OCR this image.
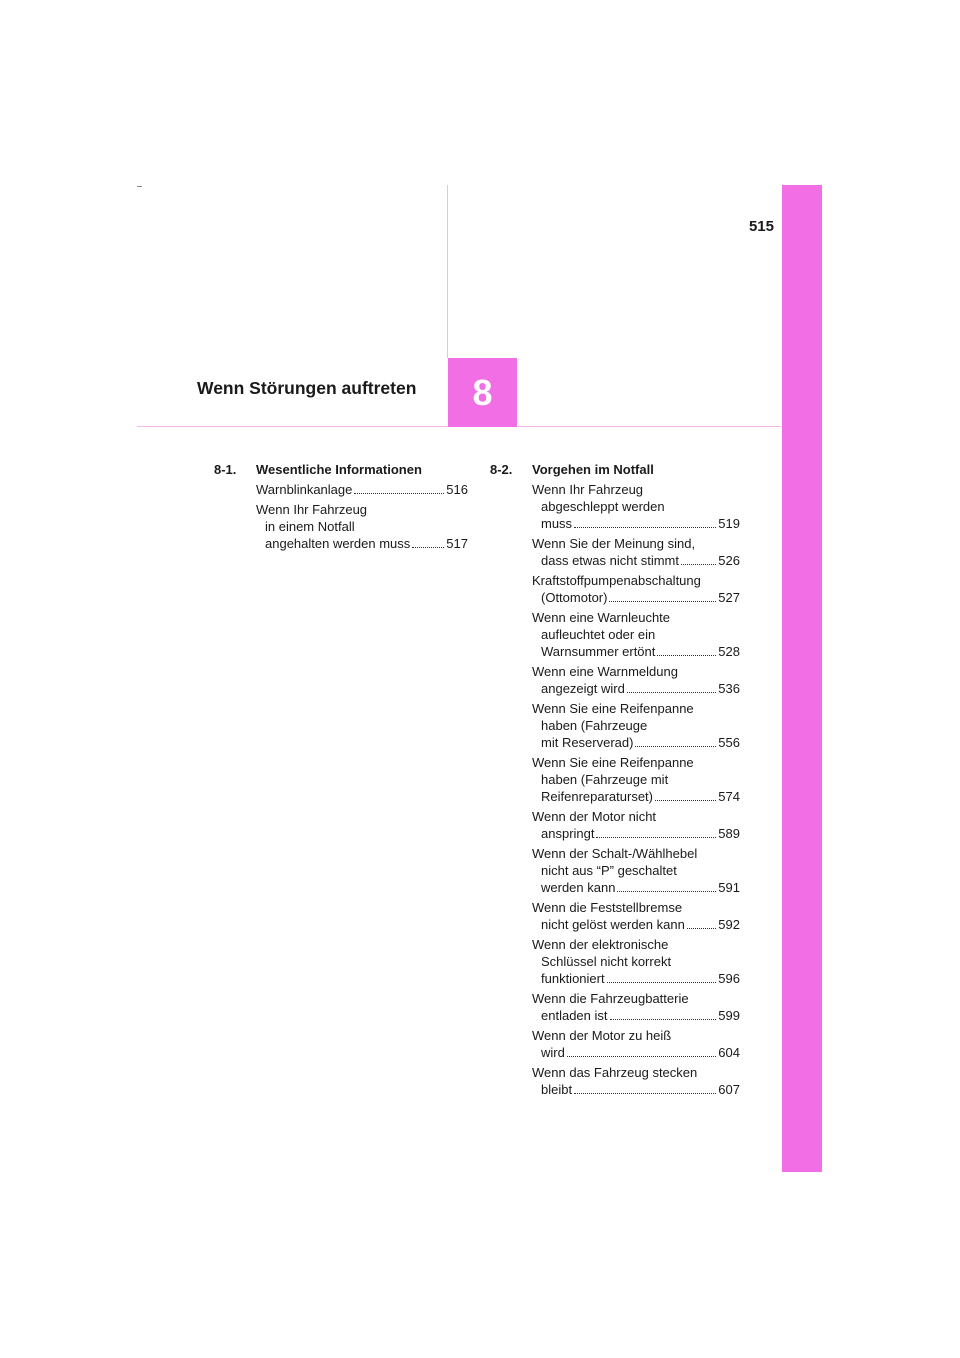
515
8
Wenn Störungen auftreten
8-1.	Wesentliche Informationen
Warnblinkanlage	516
Wenn Ihr Fahrzeug
in einem Notfall
angehalten werden muss	517
8-2.	Vorgehen im Notfall
Wenn Ihr Fahrzeug
abgeschleppt werden
muss	519
Wenn Sie der Meinung sind,
dass etwas nicht stimmt	526
Kraftstoffpumpenabschaltung
(Ottomotor)	527
Wenn eine Warnleuchte
aufleuchtet oder ein
Warnsummer ertönt	528
Wenn eine Warnmeldung
angezeigt wird	536
Wenn Sie eine Reifenpanne
haben (Fahrzeuge
mit Reserverad)	556
Wenn Sie eine Reifenpanne
haben (Fahrzeuge mit
Reifenreparaturset)	574
Wenn der Motor nicht
anspringt	589
Wenn der Schalt-/Wählhebel
nicht aus “P” geschaltet
werden kann	591
Wenn die Feststellbremse
nicht gelöst werden kann	592
Wenn der elektronische
Schlüssel nicht korrekt
funktioniert	596
Wenn die Fahrzeugbatterie
entladen ist	599
Wenn der Motor zu heiß
wird	604
Wenn das Fahrzeug stecken
bleibt	607
